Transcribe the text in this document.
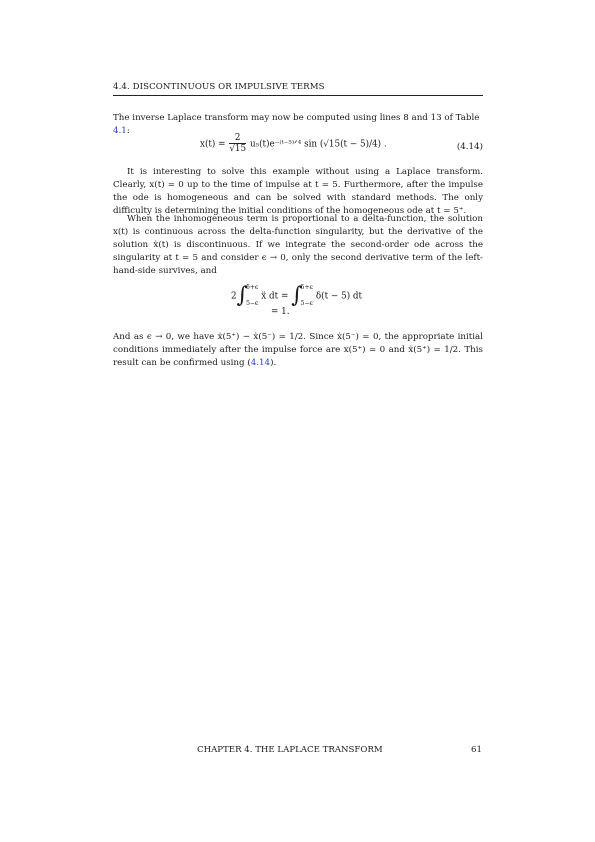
4.4. DISCONTINUOUS OR IMPULSIVE TERMS
The inverse Laplace transform may now be computed using lines 8 and 13 of Table 4.1:
$x(t) = \frac{2}{√15}$ u₅(t)e⁻⁽ᵗ⁻⁵⁾ᐟ⁴ sin (√15(t − 5)/4) .	(4.14)
It is interesting to solve this example without using a Laplace transform. Clearly, x(t) = 0 up to the time of impulse at t = 5. Furthermore, after the impulse the ode is homogeneous and can be solved with standard methods. The only difficulty is determining the initial conditions of the homogeneous ode at t = 5⁺.
When the inhomogeneous term is proportional to a delta-function, the solution x(t) is continuous across the delta-function singularity, but the derivative of the solution ẋ(t) is discontinuous. If we integrate the second-order ode across the singularity at t = 5 and consider ϵ → 0, only the second derivative term of the left-hand-side survives, and
2∫
5+ϵ
5−ϵ
ẍ dt = ∫
5+ϵ
5−ϵ
δ(t − 5) dt
= 1.
And as ϵ → 0, we have ẋ(5⁺) − ẋ(5⁻) = 1/2. Since ẋ(5⁻) = 0, the appropriate initial conditions immediately after the impulse force are x(5⁺) = 0 and ẋ(5⁺) = 1/2. This result can be confirmed using (4.14).
CHAPTER 4. THE LAPLACE TRANSFORM	61
